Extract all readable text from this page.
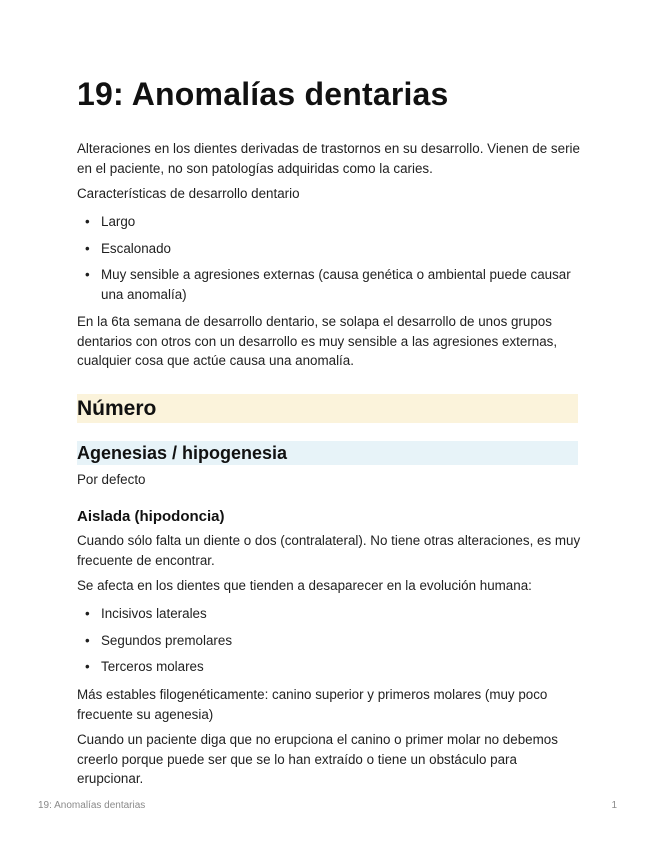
19: Anomalías dentarias

Alteraciones en los dientes derivadas de trastornos en su desarrollo. Vienen de serie en el paciente, no son patologías adquiridas como la caries.

Características de desarrollo dentario

• Largo
• Escalonado
• Muy sensible a agresiones externas (causa genética o ambiental puede causar una anomalía)

En la 6ta semana de desarrollo dentario, se solapa el desarrollo de unos grupos dentarios con otros con un desarrollo es muy sensible a las agresiones externas, cualquier cosa que actúe causa una anomalía.

Número
Agenesias / hipogenesia

Por defecto

Aislada (hipodoncia)

Cuando sólo falta un diente o dos (contralateral). No tiene otras alteraciones, es muy frecuente de encontrar.

Se afecta en los dientes que tienden a desaparecer en la evolución humana:

• Incisivos laterales
• Segundos premolares
• Terceros molares

Más estables filogenéticamente: canino superior y primeros molares (muy poco frecuente su agenesia)

Cuando un paciente diga que no erupciona el canino o primer molar no debemos creerlo porque puede ser que se lo han extraído o tiene un obstáculo para erupcionar.

19: Anomalías dentarias	1
